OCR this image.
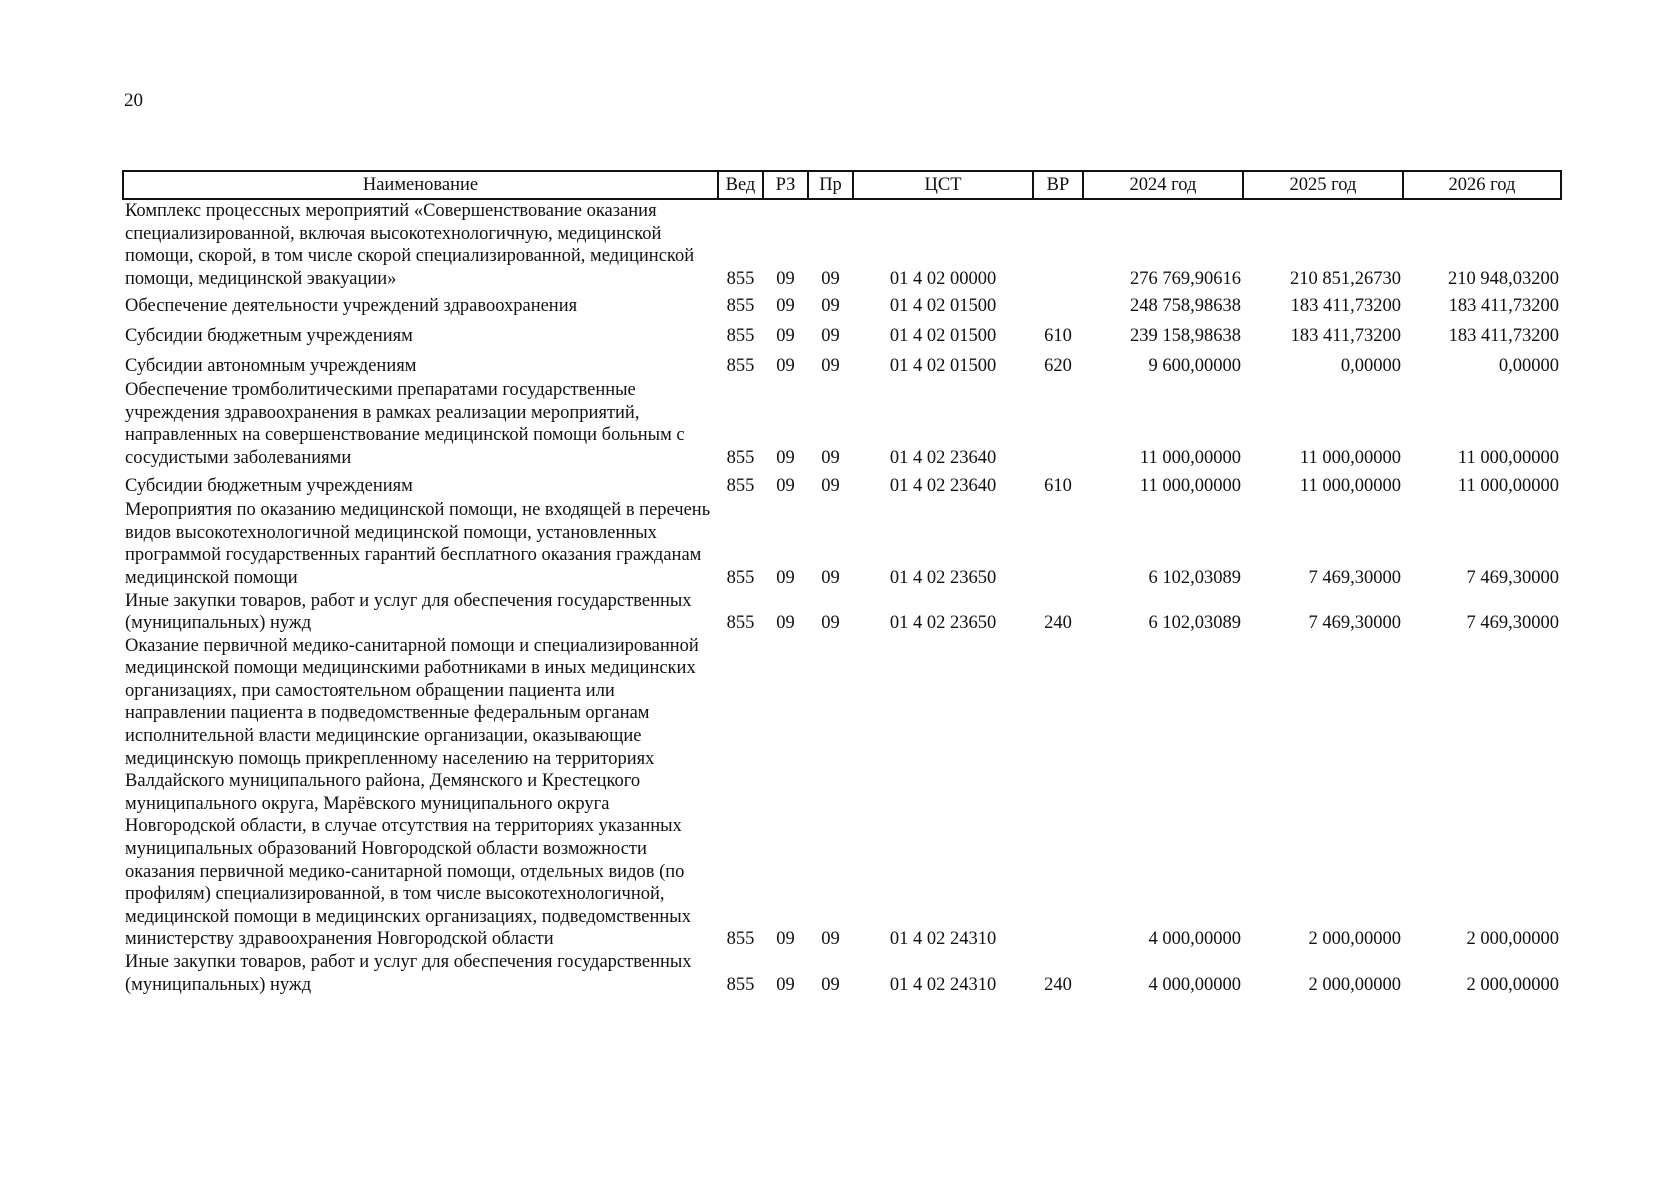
20
Наименование	Вед	РЗ	Пр	ЦСТ	ВР	2024 год	2025 год	2026 год
Комплекс процессных мероприятий «Совершенствование оказания специализированной, включая высокотехнологичную, медицинской помощи, скорой, в том числе скорой специализированной, медицинской помощи, медицинской эвакуации»	855	09	09	01 4 02 00000		276 769,90616	210 851,26730	210 948,03200
Обеспечение деятельности учреждений здравоохранения	855	09	09	01 4 02 01500		248 758,98638	183 411,73200	183 411,73200
Субсидии бюджетным учреждениям	855	09	09	01 4 02 01500	610	239 158,98638	183 411,73200	183 411,73200
Субсидии автономным учреждениям	855	09	09	01 4 02 01500	620	9 600,00000	0,00000	0,00000
Обеспечение тромболитическими препаратами государственные учреждения здравоохранения в рамках реализации мероприятий, направленных на совершенствование медицинской помощи больным с сосудистыми заболеваниями	855	09	09	01 4 02 23640		11 000,00000	11 000,00000	11 000,00000
Субсидии бюджетным учреждениям	855	09	09	01 4 02 23640	610	11 000,00000	11 000,00000	11 000,00000
Мероприятия по оказанию медицинской помощи, не входящей в перечень видов высокотехнологичной медицинской помощи, установленных программой государственных гарантий бесплатного оказания гражданам медицинской помощи	855	09	09	01 4 02 23650		6 102,03089	7 469,30000	7 469,30000
Иные закупки товаров, работ и услуг для обеспечения государственных (муниципальных) нужд	855	09	09	01 4 02 23650	240	6 102,03089	7 469,30000	7 469,30000
Оказание первичной медико-санитарной помощи и специализированной медицинской помощи медицинскими работниками в иных медицинских организациях, при самостоятельном обращении пациента или направлении пациента в подведомственные федеральным органам исполнительной власти медицинские организации, оказывающие медицинскую помощь прикрепленному населению на территориях Валдайского муниципального района, Демянского и Крестецкого муниципального округа, Марёвского муниципального округа Новгородской области, в случае отсутствия на территориях указанных муниципальных образований Новгородской области возможности оказания первичной медико-санитарной помощи, отдельных видов (по профилям) специализированной, в том числе высокотехнологичной, медицинской помощи в медицинских организациях, подведомственных министерству здравоохранения Новгородской области	855	09	09	01 4 02 24310		4 000,00000	2 000,00000	2 000,00000
Иные закупки товаров, работ и услуг для обеспечения государственных (муниципальных) нужд	855	09	09	01 4 02 24310	240	4 000,00000	2 000,00000	2 000,00000
